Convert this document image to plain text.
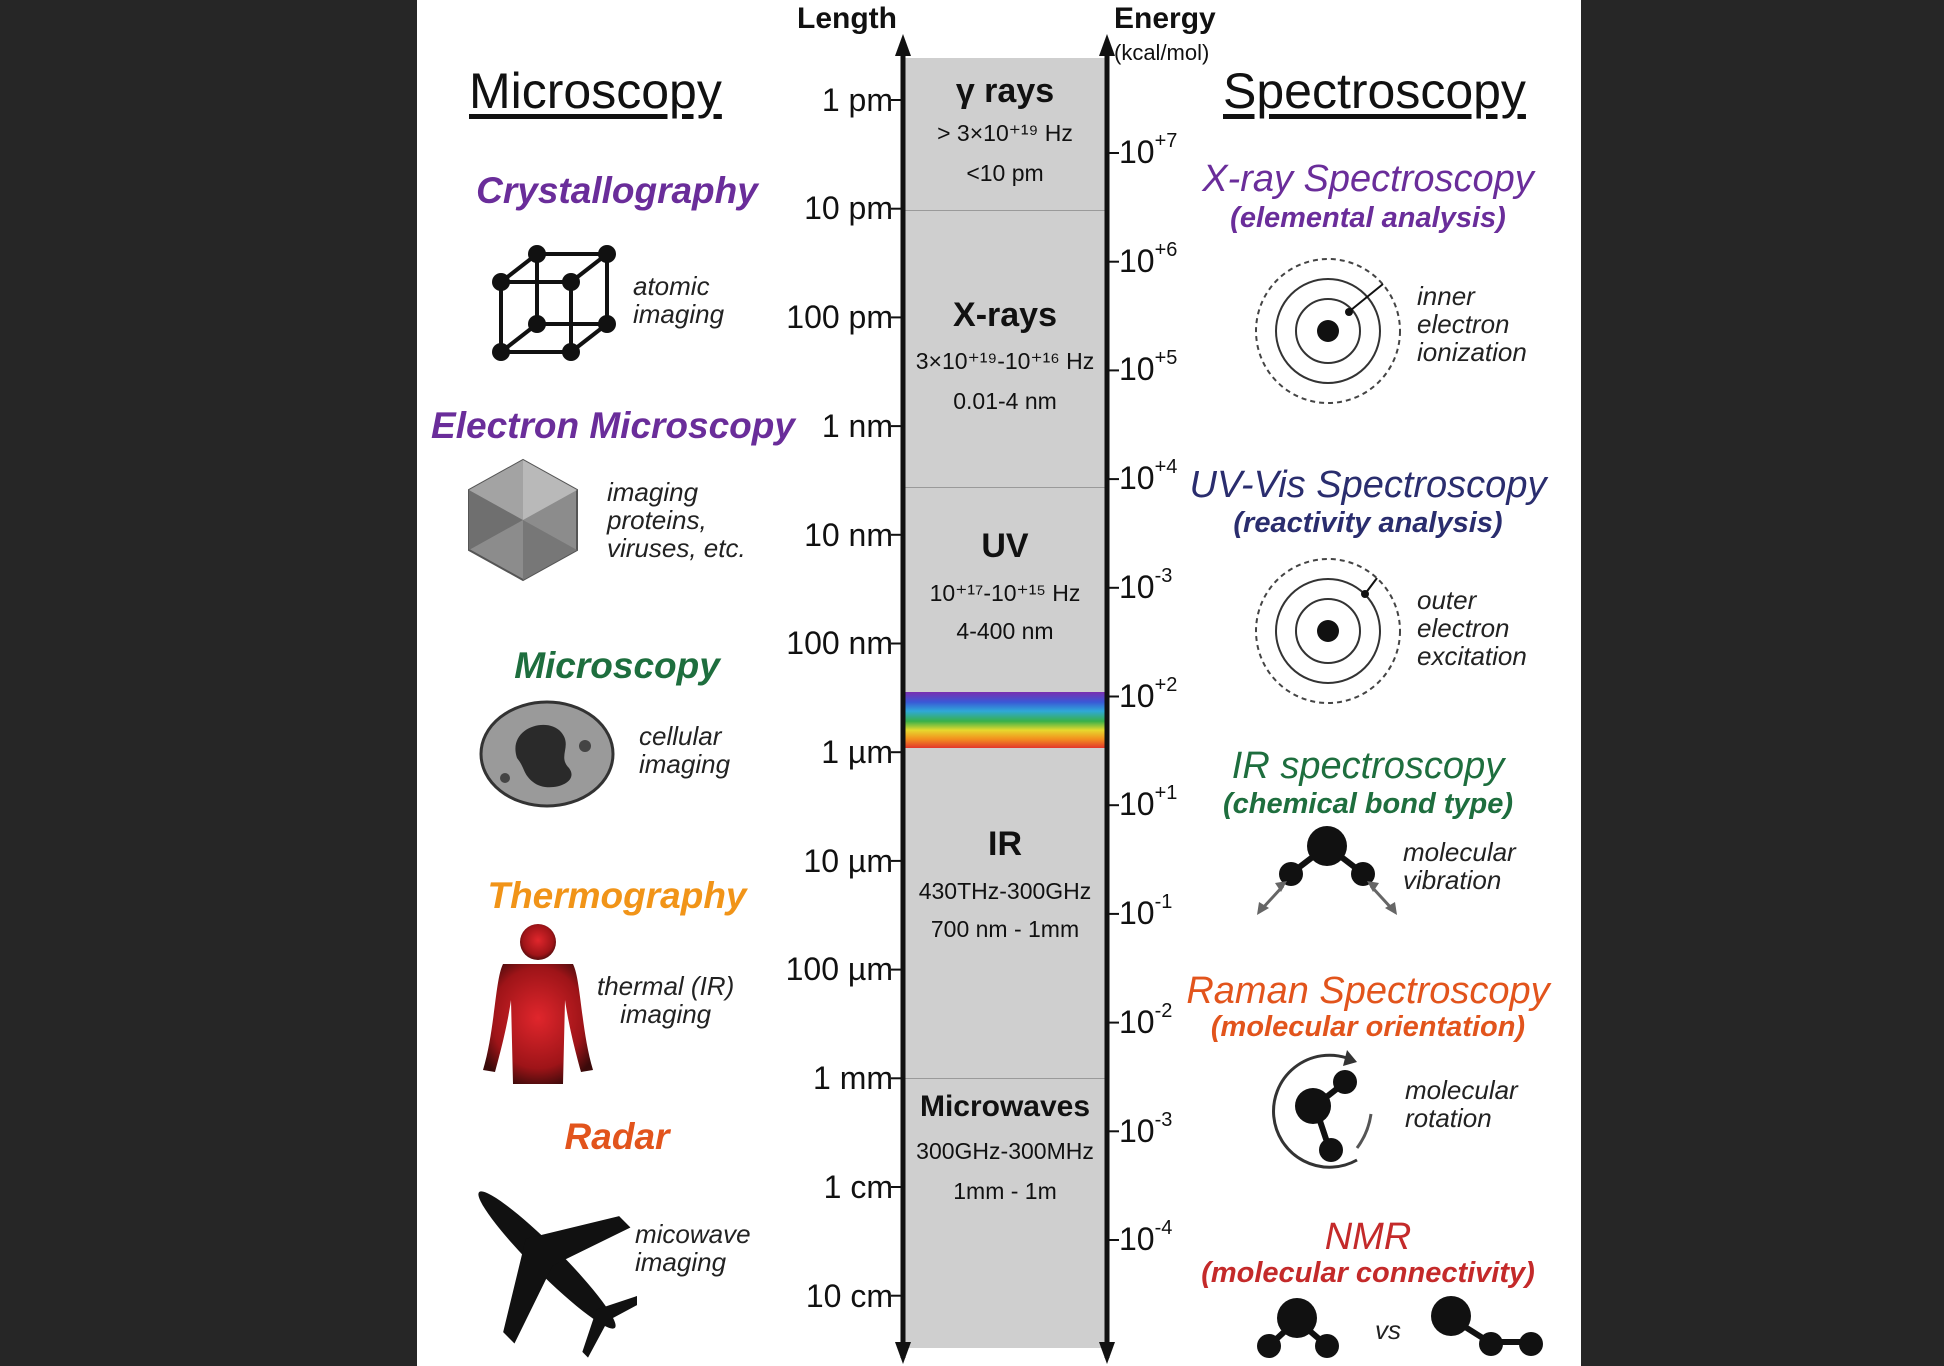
Microscopy	Spectroscopy
Length	Energy
(kcal/mol)
1 pm
10 pm
100 pm
1 nm
10 nm
100 nm
1 µm
10 µm
100 µm
1 mm
1 cm
10 cm
$10^{+7}$
$10^{+6}$
$10^{+5}$
$10^{+4}$
$10^{-3}$
$10^{+2}$
$10^{+1}$
$10^{-1}$
$10^{-2}$
$10^{-3}$
$10^{-4}$
γ rays
> 3×10⁺¹⁹ Hz
<10 pm
X-rays
3×10⁺¹⁹-10⁺¹⁶ Hz
0.01-4 nm
UV
10⁺¹⁷-10⁺¹⁵ Hz
4-400 nm
IR
430THz-300GHz
700 nm - 1mm
Microwaves
300GHz-300MHz
1mm - 1m
Crystallography
atomic
imaging
Electron Microscopy
imaging
proteins,
viruses, etc.
Microscopy
cellular
imaging
Thermography
thermal (IR)
imaging
Radar
micowave
imaging
X-ray Spectroscopy
(elemental analysis)
inner
electron
ionization
UV-Vis Spectroscopy
(reactivity analysis)
outer
electron
excitation
IR spectroscopy
(chemical bond type)
molecular
vibration
Raman Spectroscopy
(molecular orientation)
molecular
rotation
NMR
(molecular connectivity)
vs
